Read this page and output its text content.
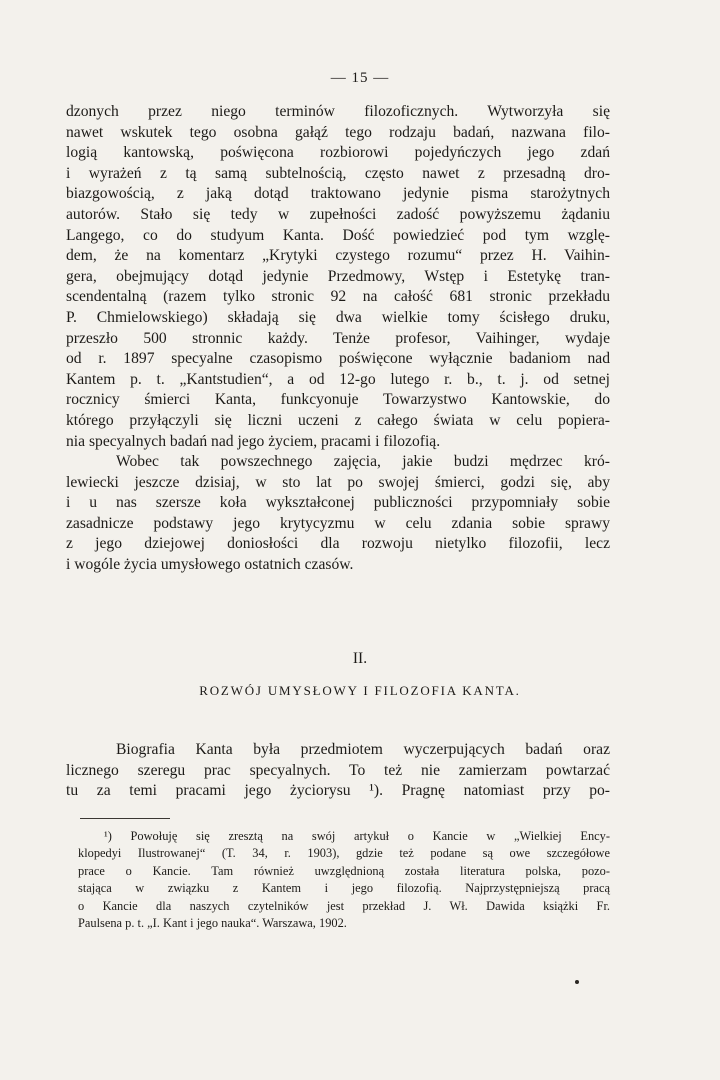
— 15 —
dzonych przez niego terminów filozoficznych. Wytworzyła się
nawet wskutek tego osobna gałąź tego rodzaju badań, nazwana filo-
logią kantowską, poświęcona rozbiorowi pojedyńczych jego zdań
i wyrażeń z tą samą subtelnością, często nawet z przesadną dro-
biazgowością, z jaką dotąd traktowano jedynie pisma starożytnych
autorów. Stało się tedy w zupełności zadość powyższemu żądaniu
Langego, co do studyum Kanta. Dość powiedzieć pod tym wzglę-
dem, że na komentarz „Krytyki czystego rozumu“ przez H. Vaihin-
gera, obejmujący dotąd jedynie Przedmowy, Wstęp i Estetykę tran-
scendentalną (razem tylko stronic 92 na całość 681 stronic przekładu
P. Chmielowskiego) składają się dwa wielkie tomy ścisłego druku,
przeszło 500 stronnic każdy. Tenże profesor, Vaihinger, wydaje
od r. 1897 specyalne czasopismo poświęcone wyłącznie badaniom nad
Kantem p. t. „Kantstudien“, a od 12-go lutego r. b., t. j. od setnej
rocznicy śmierci Kanta, funkcyonuje Towarzystwo Kantowskie, do
którego przyłączyli się liczni uczeni z całego świata w celu popiera-
nia specyalnych badań nad jego życiem, pracami i filozofią.
Wobec tak powszechnego zajęcia, jakie budzi mędrzec kró-
lewiecki jeszcze dzisiaj, w sto lat po swojej śmierci, godzi się, aby
i u nas szersze koła wykształconej publiczności przypomniały sobie
zasadnicze podstawy jego krytycyzmu w celu zdania sobie sprawy
z jego dziejowej doniosłości dla rozwoju nietylko filozofii, lecz
i wogóle życia umysłowego ostatnich czasów.
II.
ROZWÓJ UMYSŁOWY I FILOZOFIA KANTA.
Biografia Kanta była przedmiotem wyczerpujących badań oraz
licznego szeregu prac specyalnych. To też nie zamierzam powtarzać
tu za temi pracami jego życiorysu ¹). Pragnę natomiast przy po-
¹) Powołuję się zresztą na swój artykuł o Kancie w „Wielkiej Ency-
klopedyi Ilustrowanej“ (T. 34, r. 1903), gdzie też podane są owe szczegółowe
prace o Kancie. Tam również uwzględnioną została literatura polska, pozo-
stająca w związku z Kantem i jego filozofią. Najprzystępniejszą pracą
o Kancie dla naszych czytelników jest przekład J. Wł. Dawida książki Fr.
Paulsena p. t. „I. Kant i jego nauka“. Warszawa, 1902.
